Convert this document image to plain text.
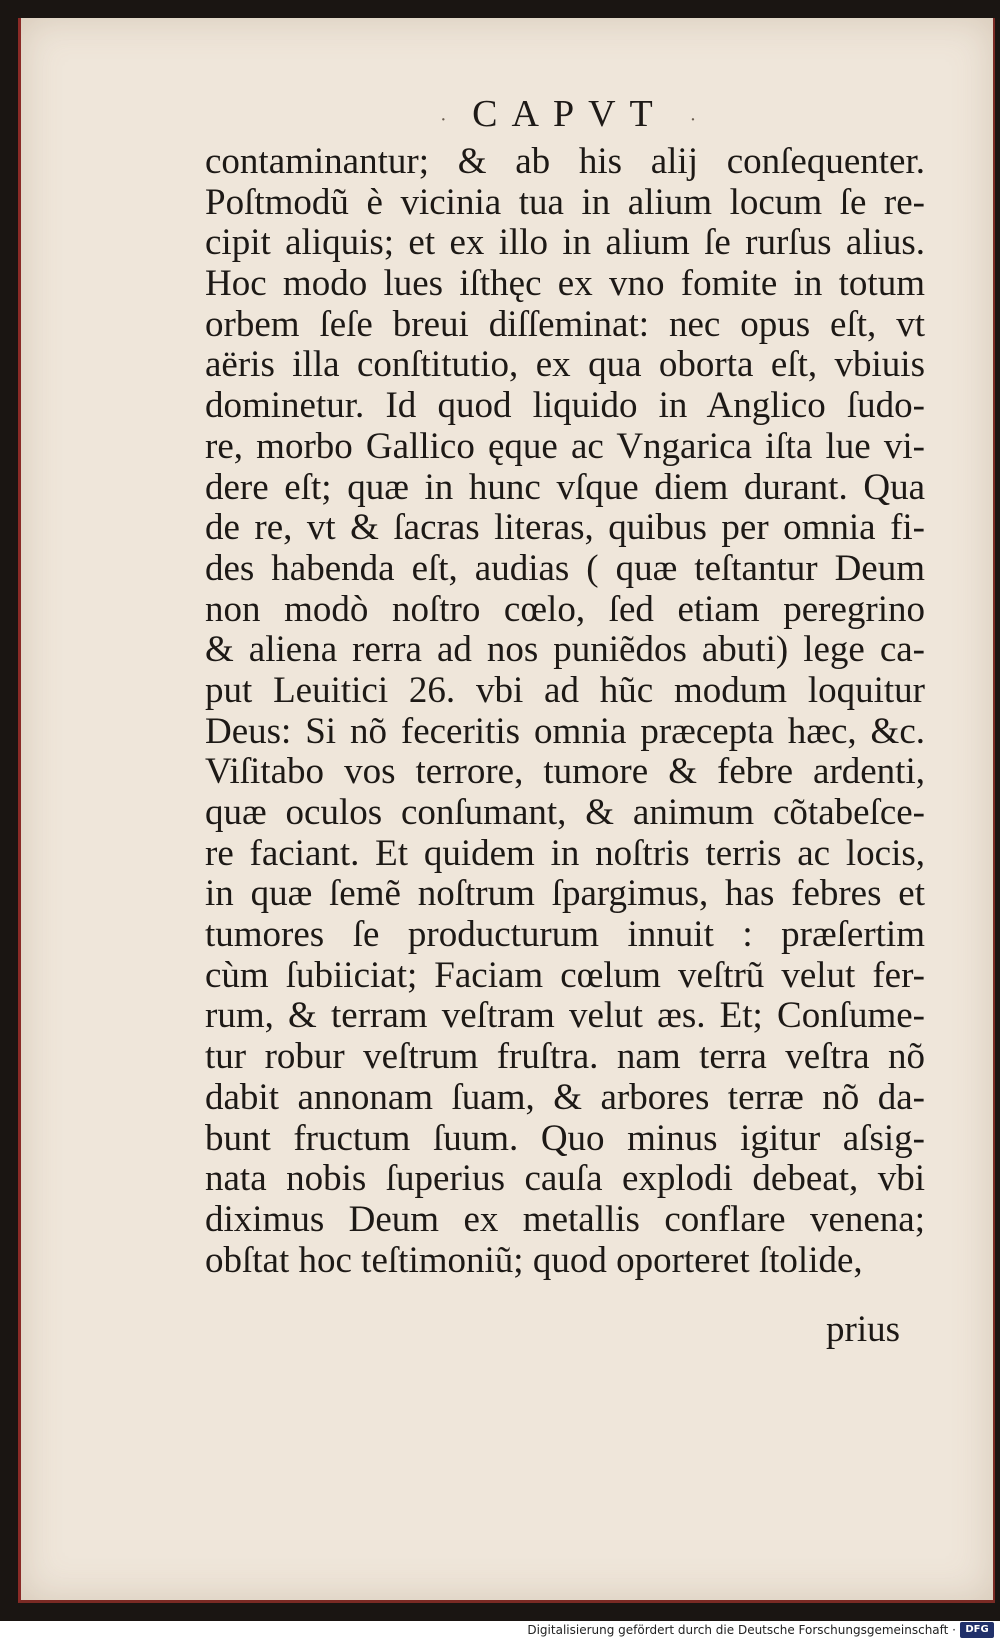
· CAPVT ·
contaminantur; & ab his alij conſequenter.
Poſtmodũ è vicinia tua in alium locum ſe re-
cipit aliquis; et ex illo in alium ſe rurſus alius.
Hoc modo lues iſthęc ex vno fomite in totum
orbem ſeſe breui diſſeminat: nec opus eſt, vt
aëris illa conſtitutio, ex qua oborta eſt, vbiuis
dominetur. Id quod liquido in Anglico ſudo-
re, morbo Gallico ęque ac Vngarica iſta lue vi-
dere eſt; quæ in hunc vſque diem durant. Qua
de re, vt & ſacras literas, quibus per omnia fi-
des habenda eſt, audias ( quæ teſtantur Deum
non modò noſtro cœlo, ſed etiam peregrino
& aliena rerra ad nos puniẽdos abuti) lege ca-
put Leuitici 26. vbi ad hũc modum loquitur
Deus: Si nõ feceritis omnia præcepta hæc, &c.
Viſitabo vos terrore, tumore & febre ardenti,
quæ oculos conſumant, & animum cõtabeſce-
re faciant. Et quidem in noſtris terris ac locis,
in quæ ſemẽ noſtrum ſpargimus, has febres et
tumores ſe producturum innuit : præſertim
cùm ſubiiciat; Faciam cœlum veſtrũ velut fer-
rum, & terram veſtram velut æs. Et; Conſume-
tur robur veſtrum fruſtra. nam terra veſtra nõ
dabit annonam ſuam, & arbores terræ nõ da-
bunt fructum ſuum. Quo minus igitur aſsig-
nata nobis ſuperius cauſa explodi debeat, vbi
diximus Deum ex metallis conflare venena;
obſtat hoc teſtimoniũ; quod oporteret ſtolide,
prius
Digitalisierung gefördert durch die Deutsche Forschungsgemeinschaft · DFG
